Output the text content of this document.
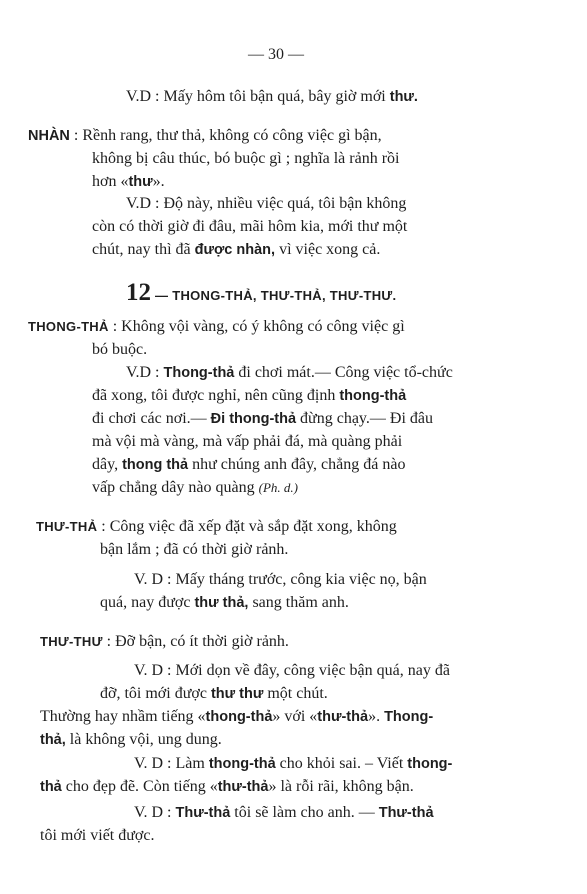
— 30 —
V.D : Mấy hôm tôi bận quá, bây giờ mới thư.
NHÀN : Rềnh rang, thư thả, không có công việc gì bận,
không bị câu thúc, bó buộc gì ; nghĩa là rảnh rồi
hơn «thư».
V.D : Độ này, nhiều việc quá, tôi bận không
còn có thời giờ đi đâu, mãi hôm kia, mới thư một
chút, nay thì đã được nhàn, vì việc xong cả.
12 — THONG-THẢ, THƯ-THẢ, THƯ-THƯ.
THONG-THẢ : Không vội vàng, có ý không có công việc gì
bó buộc.
V.D : Thong-thả đi chơi mát.— Công việc tổ-chức
đã xong, tôi được nghỉ, nên cũng định thong-thả
đi chơi các nơi.— Đi thong-thả đừng chạy.— Đi đâu
mà vội mà vàng, mà vấp phải đá, mà quàng phải
dây, thong thả như chúng anh đây, chẳng đá nào
vấp chẳng dây nào quàng (Ph. d.)
THƯ-THẢ : Công việc đã xếp đặt và sắp đặt xong, không
bận lắm ; đã có thời giờ rảnh.
V. D : Mấy tháng trước, công kia việc nọ, bận
quá, nay được thư thả, sang thăm anh.
THƯ-THƯ : Đỡ bận, có ít thời giờ rảnh.
V. D : Mới dọn về đây, công việc bận quá, nay đã
đỡ, tôi mới được thư thư một chút.
Thường hay nhầm tiếng «thong-thả» với «thư-thả». Thong-
thả, là không vội, ung dung.
V. D : Làm thong-thả cho khỏi sai. – Viết thong-
thả cho đẹp đẽ. Còn tiếng «thư-thả» là rỗi rãi, không bận.
V. D : Thư-thả tôi sẽ làm cho anh. — Thư-thả
tôi mới viết được.
